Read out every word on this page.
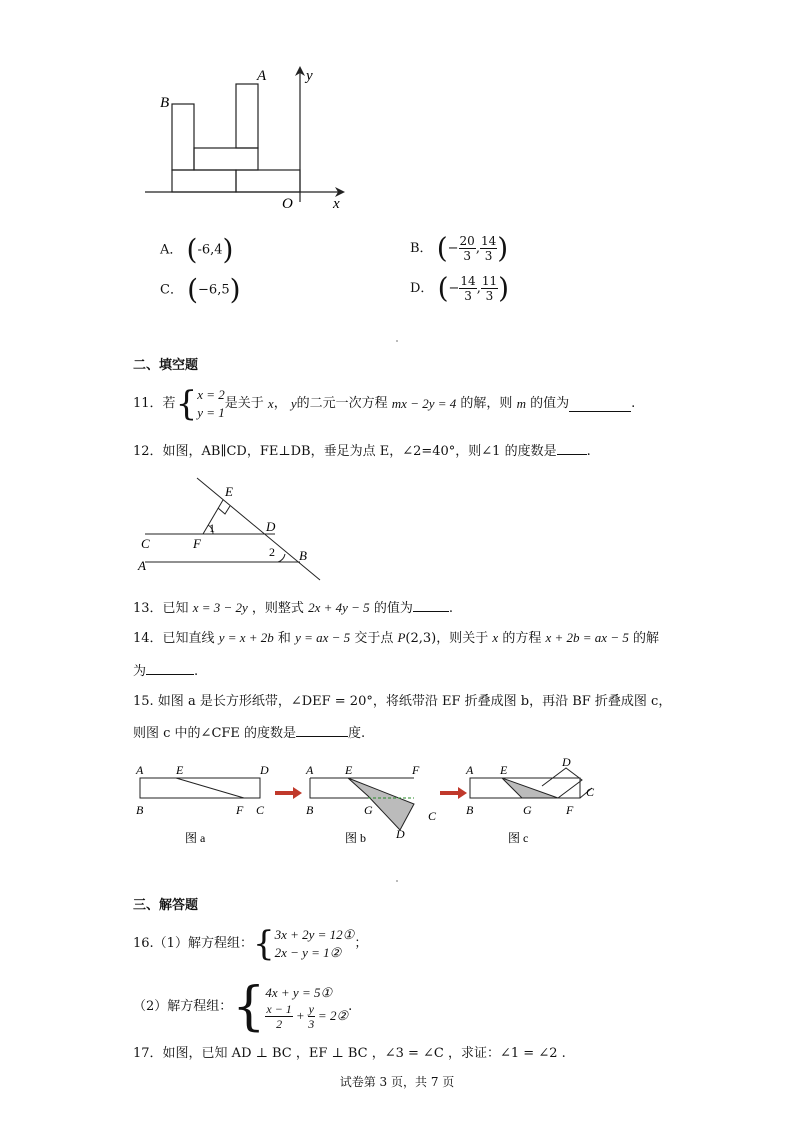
A
B
O	x
y
A． (-6,4)	B． (− $\frac{20}{3}$ , $\frac{14}{3}$ )
C． (−6,5)	D． (− $\frac{14}{3}$ , $\frac{11}{3}$ )
二、填空题
11． 若 { x = 2
y = 1
是关于
x ，
y 的二元一次方程
mx − 2y = 4
的解，则
m
的值为	.
12．如图，AB∥CD，FE⊥DB，垂足为点 E，∠2=40°，则∠1 的度数是 .
E
D
C	F
A
B
1
2
13．已知 x = 3 − 2y ，则整式 2x + 4y − 5 的值为	.
14．已知直线 y = x + 2b 和 y = ax − 5 交于点 P(2,3)，则关于 x 的方程 x + 2b = ax − 5 的解
为	.
15. 如图 a 是长方形纸带，∠DEF = 20°，将纸带沿 EF 折叠成图 b，再沿 BF 折叠成图 c，
则图 c 中的∠CFE 的度数是	度.
A	E	D
B	F C
图 a
A	E	F
B	G	C
D
图 b
A E
D
C
B	G	F
图 c
三、解答题
16.（1）解方程组： { 3x + 2y = 12①
2x − y = 1②
；
（2）解方程组： { 4x + y = 5①
$\frac{x - 1}{2} + \frac{y}{3}$ = 2②
.
17．如图，已知 AD ⊥ BC ，EF ⊥ BC ，∠3 = ∠C ，求证：∠1 = ∠2 .
试卷第 3 页，共 7 页
